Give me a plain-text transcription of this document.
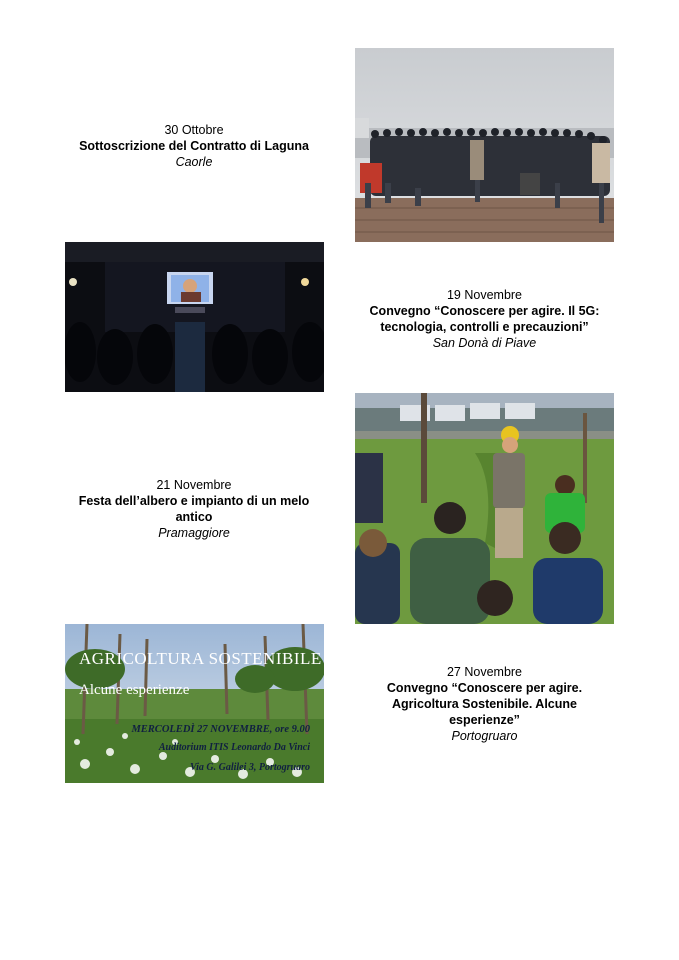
30 Ottobre
Sottoscrizione del Contratto di Laguna
Caorle
19 Novembre
Convegno “Conoscere per agire. Il 5G: tecnologia, controlli e precauzioni”
San Donà di Piave
21 Novembre
Festa dell’albero e impianto di un melo antico
Pramaggiore
AGRICOLTURA SOSTENIBILE
Alcune esperienze
MERCOLEDÌ 27 NOVEMBRE, ore 9.00
Auditorium ITIS Leonardo Da Vinci
Via G. Galilei 3, Portogruaro
27 Novembre
Convegno “Conoscere per agire. Agricoltura Sostenibile. Alcune esperienze”
Portogruaro
